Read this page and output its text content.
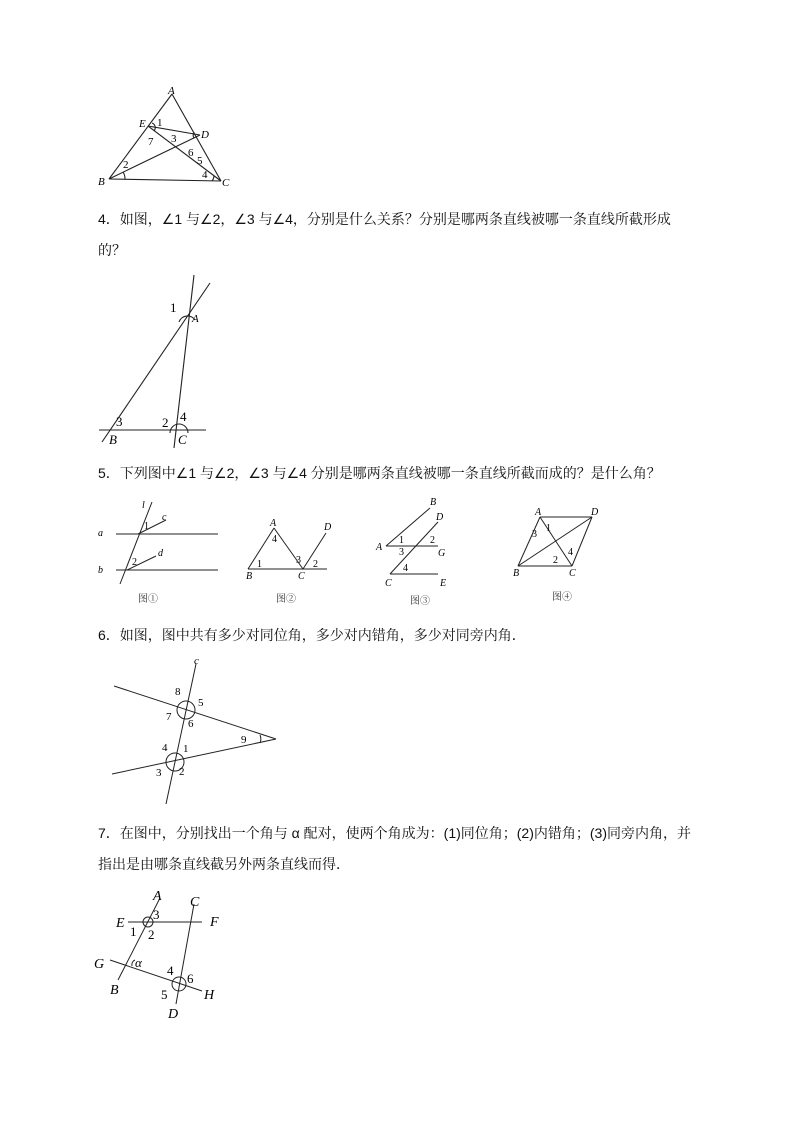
A
E
D
B	C
1
7 3
6
5
2
4
4．如图，∠1 与∠2，∠3 与∠4，分别是什么关系？分别是哪两条直线被哪一条直线所截形成
的？
1
A
3	2 4
B	C
5．下列图中∠1 与∠2，∠3 与∠4 分别是哪两条直线被哪一条直线所截而成的？是什么角？
l
c
a
d
b
1
2
图①
A	D
B	C
4
1	3 2
图②
B
D
A
G
C	E
1	2
3
4
图③
A	D
B	C
1
3
4
2
图④
6．如图，图中共有多少对同位角，多少对内错角，多少对同旁内角．
c
8
5
7
6
9
4 1
3 2
7．在图中，分别找出一个角与 α 配对，使两个角成为：(1)同位角；(2)内错角；(3)同旁内角，并
指出是由哪条直线截另外两条直线而得．
A C
E	F
G
B	H
D
3
1 2
α
4
6
5
